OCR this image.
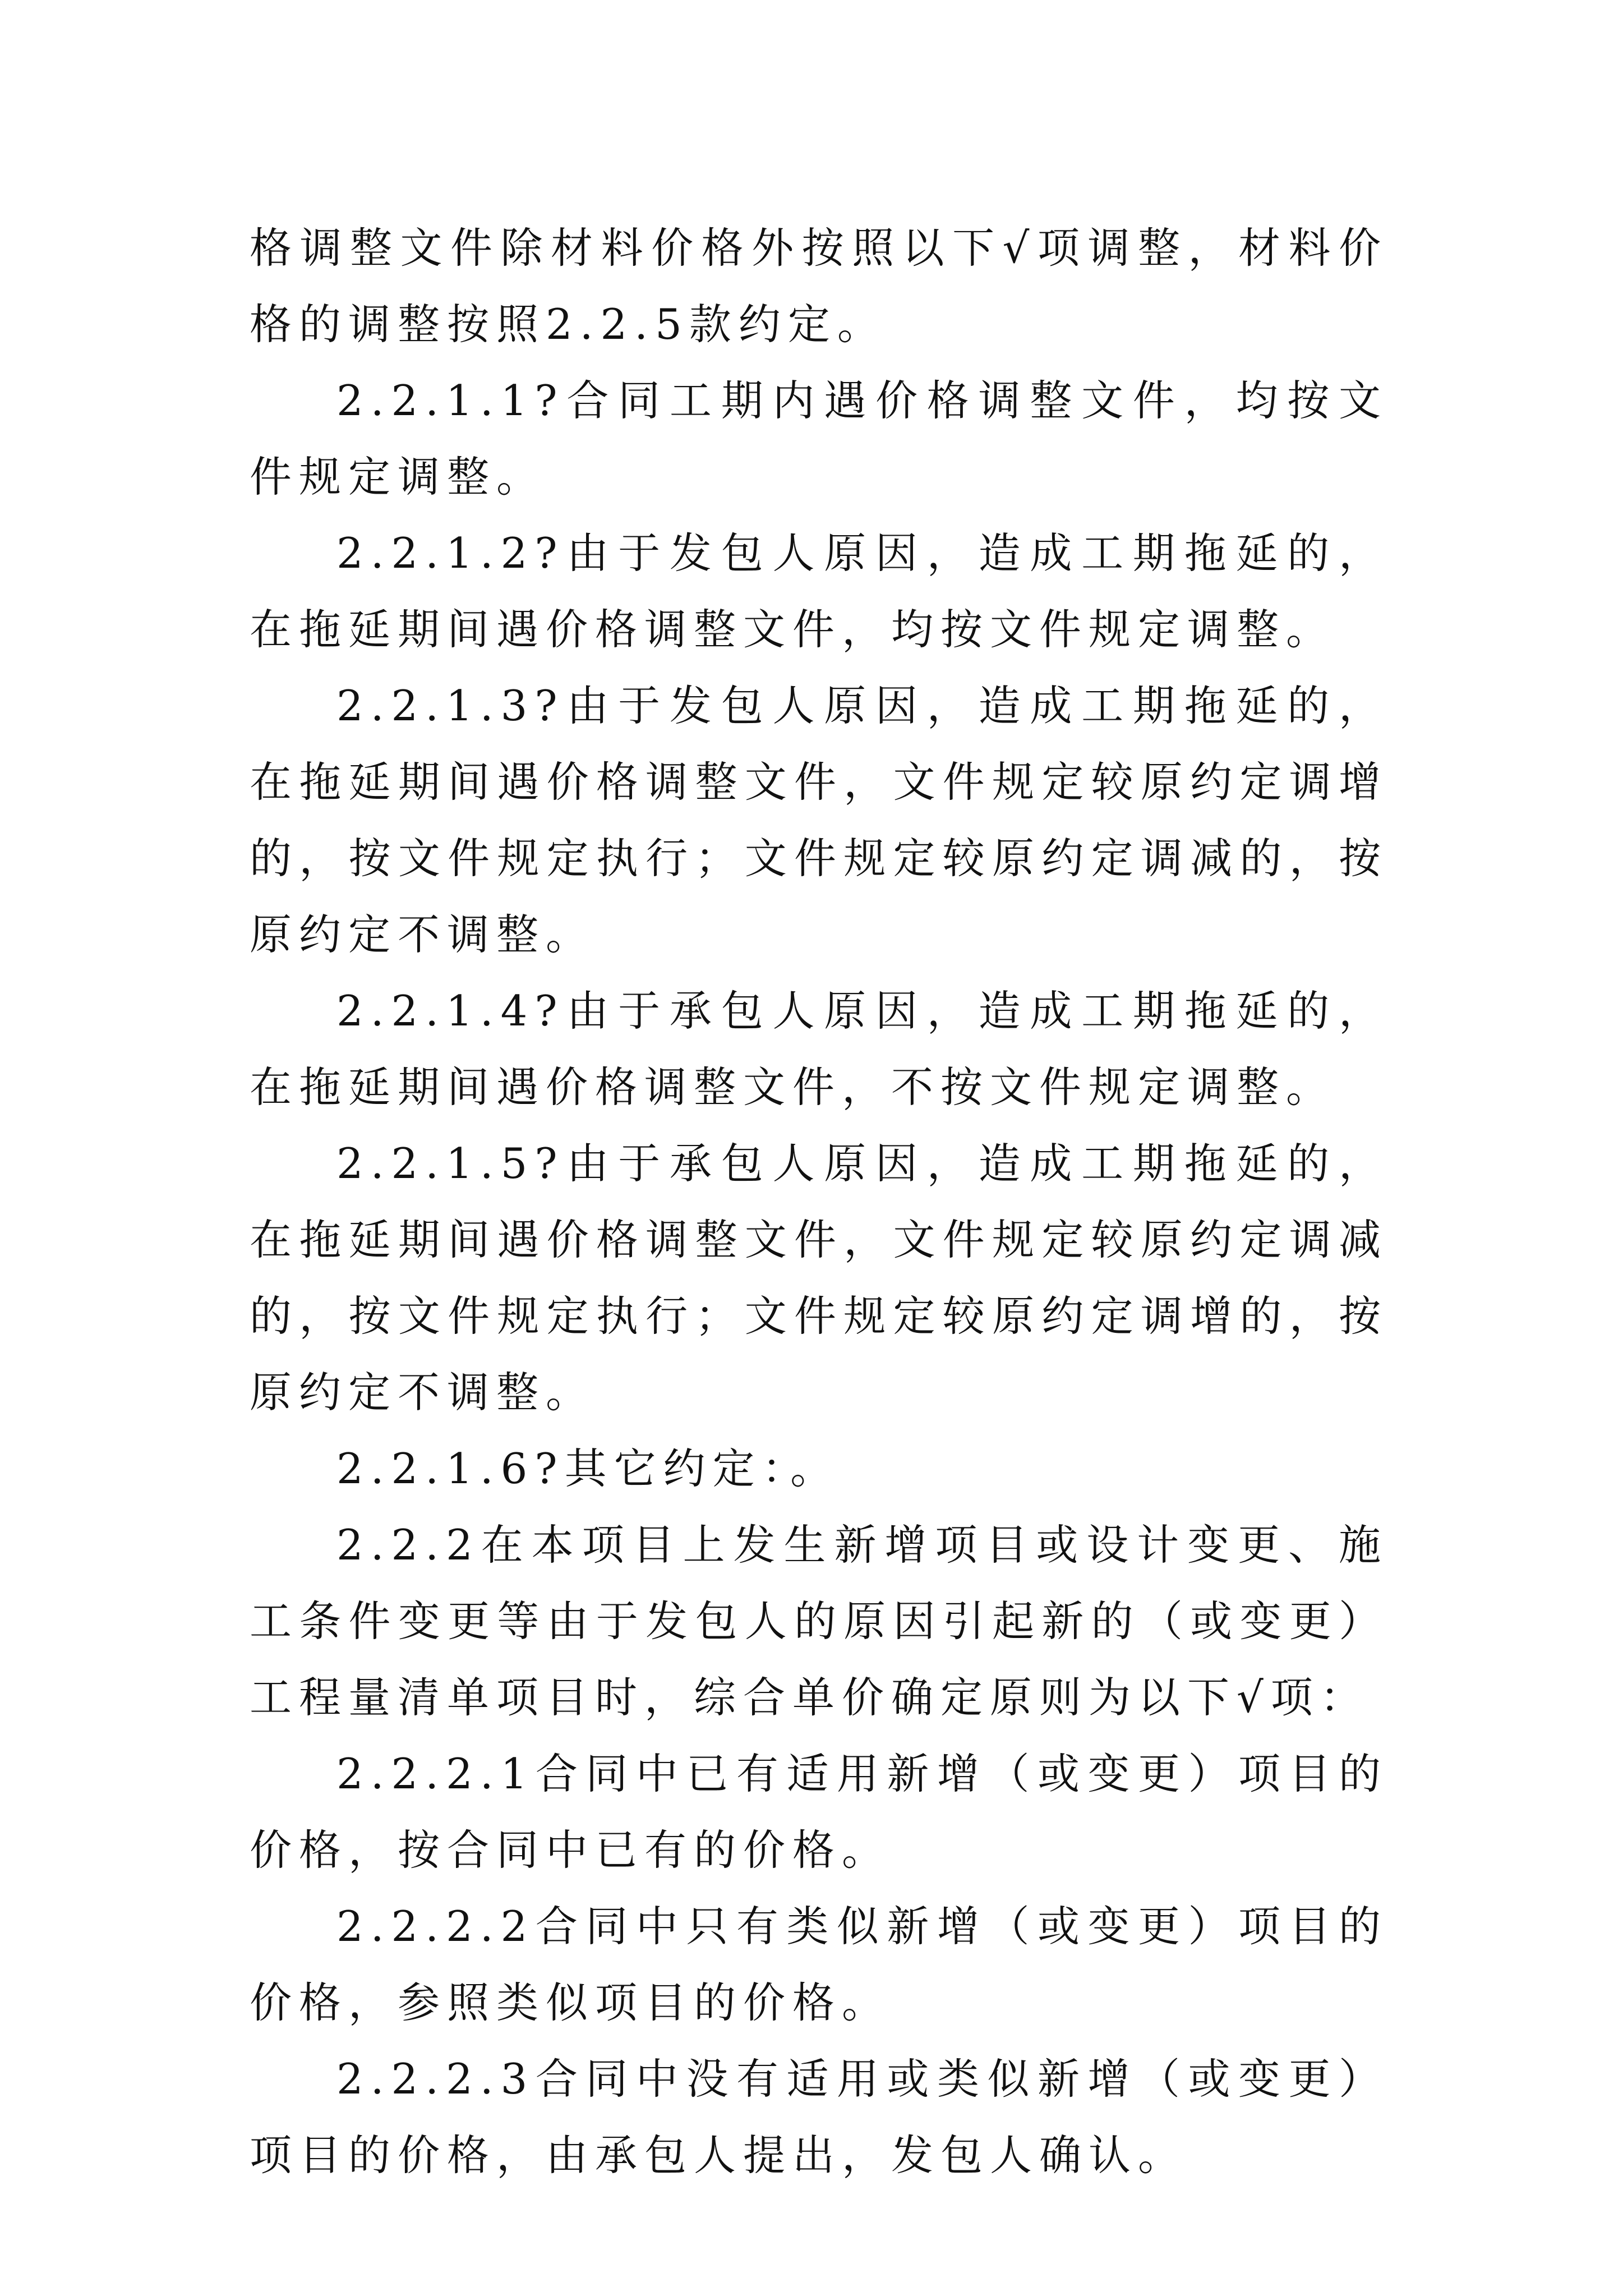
格调整文件除材料价格外按照以下√项调整，材料价格的调整按照2.2.5款约定。

2.2.1.1?合同工期内遇价格调整文件，均按文件规定调整。

2.2.1.2?由于发包人原因，造成工期拖延的，在拖延期间遇价格调整文件，均按文件规定调整。

2.2.1.3?由于发包人原因，造成工期拖延的，在拖延期间遇价格调整文件，文件规定较原约定调增的，按文件规定执行；文件规定较原约定调减的，按原约定不调整。

2.2.1.4?由于承包人原因，造成工期拖延的，在拖延期间遇价格调整文件，不按文件规定调整。

2.2.1.5?由于承包人原因，造成工期拖延的，在拖延期间遇价格调整文件，文件规定较原约定调减的，按文件规定执行；文件规定较原约定调增的，按原约定不调整。

2.2.1.6?其它约定：。

2.2.2在本项目上发生新增项目或设计变更、施工条件变更等由于发包人的原因引起新的（或变更）工程量清单项目时，综合单价确定原则为以下√项：

2.2.2.1合同中已有适用新增（或变更）项目的价格，按合同中已有的价格。

2.2.2.2合同中只有类似新增（或变更）项目的价格，参照类似项目的价格。

2.2.2.3合同中没有适用或类似新增（或变更）项目的价格，由承包人提出，发包人确认。
